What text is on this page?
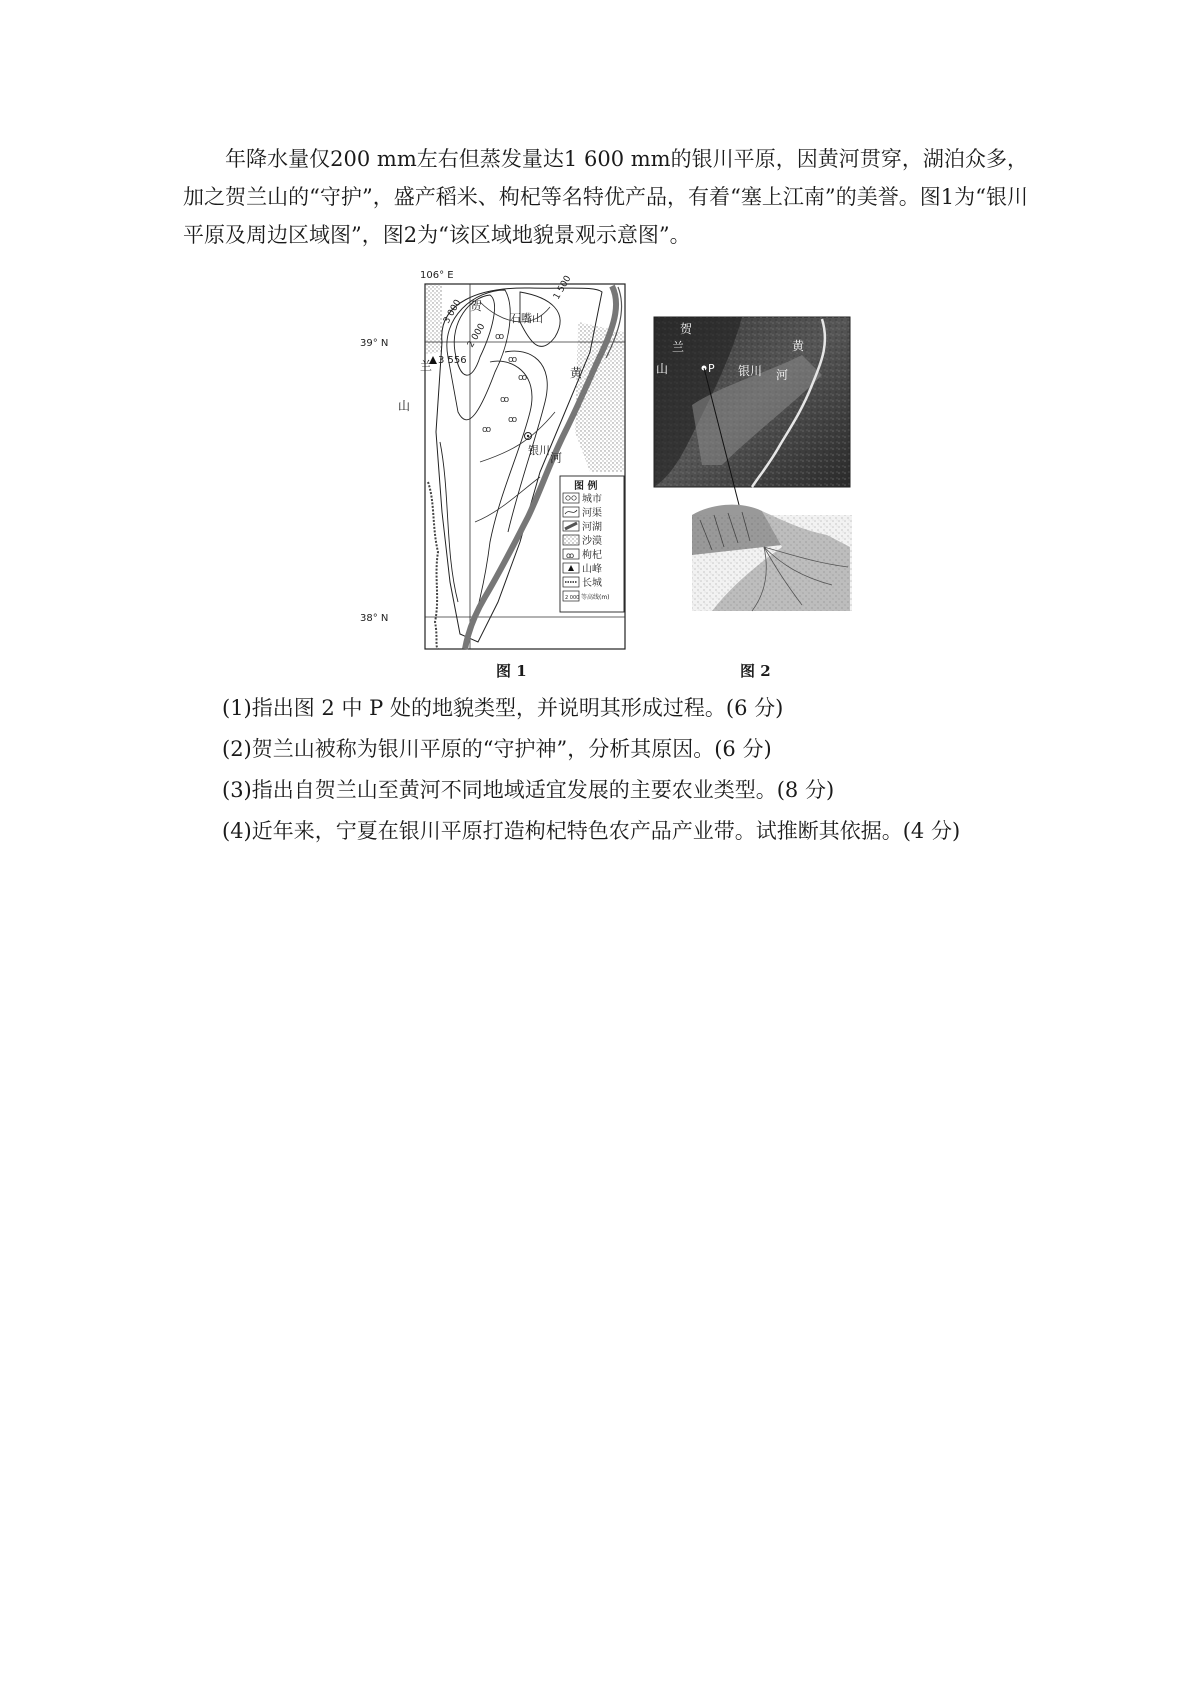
年降水量仅200 mm左右但蒸发量达1 600 mm的银川平原，因黄河贯穿，湖泊众多，加之贺兰山的“守护”，盛产稻米、枸杞等名特优产品，有着“塞上江南”的美誉。图1为“银川平原及周边区域图”，图2为“该区域地貌景观示意图”。

ꝏ
ꝏ
ꝏ
ꝏ
ꝏ
ꝏ
106° E
39° N
38° N
贺
兰
山
石嘴山
3 556
3 000
2 000
1 500
黄
银川
河
图 例
ꝏ
2 000
城市
河渠
河湖
沙漠
枸杞
山峰
长城
等高线(m)
图 1
贺
兰
山	P
黄
银川 河
图 2

(1)指出图 2 中 P 处的地貌类型，并说明其形成过程。(6 分)

(2)贺兰山被称为银川平原的“守护神”，分析其原因。(6 分)

(3)指出自贺兰山至黄河不同地域适宜发展的主要农业类型。(8 分)

(4)近年来，宁夏在银川平原打造枸杞特色农产品产业带。试推断其依据。(4 分)
